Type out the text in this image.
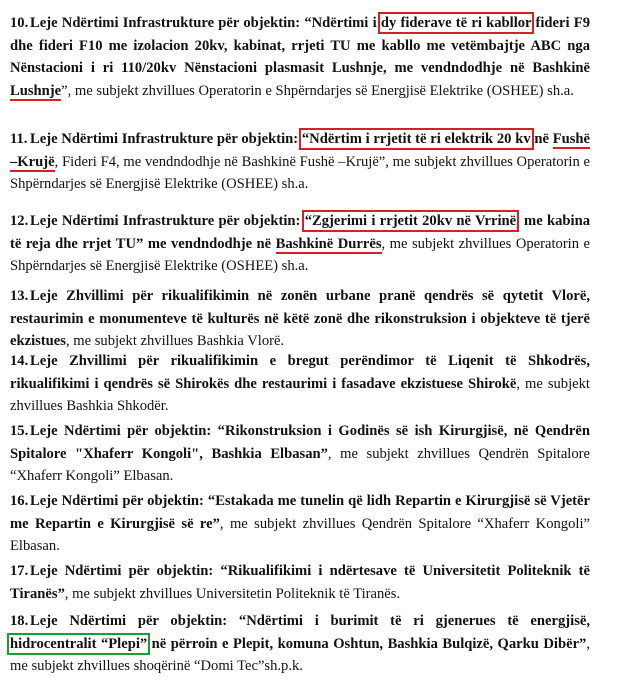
10. Leje Ndërtimi Infrastrukture për objektin: “Ndërtimi i dy fiderave të ri kabllor fideri F9 dhe fideri F10 me izolacion 20kv, kabinat, rrjeti TU me kabllo me vetëmbajtje ABC nga Nënstacioni i ri 110/20kv Nënstacioni plasmasit Lushnje, me vendndodhje në Bashkinë Lushnje”, me subjekt zhvillues Operatorin e Shpërndarjes së Energjisë Elektrike (OSHEE) sh.a.
11. Leje Ndërtimi Infrastrukture për objektin: “Ndërtim i rrjetit të ri elektrik 20 kv në Fushë –Krujë, Fideri F4, me vendndodhje në Bashkinë Fushë –Krujë”, me subjekt zhvillues Operatorin e Shpërndarjes së Energjisë Elektrike (OSHEE) sh.a.
12. Leje Ndërtimi Infrastrukture për objektin: “Zgjerimi i rrjetit 20kv në Vrrinë, me kabina të reja dhe rrjet TU” me vendndodhje në Bashkinë Durrës, me subjekt zhvillues Operatorin e Shpërndarjes së Energjisë Elektrike (OSHEE) sh.a.
13. Leje Zhvillimi për rikualifikimin në zonën urbane pranë qendrës së qytetit Vlorë, restaurimin e monumenteve të kulturës në këtë zonë dhe rikonstruksion i objekteve të tjerë ekzistues, me subjekt zhvillues Bashkia Vlorë.
14. Leje Zhvillimi për rikualifikimin e bregut perëndimor të Liqenit të Shkodrës, rikualifikimi i qendrës së Shirokës dhe restaurimi i fasadave ekzistuese Shirokë, me subjekt zhvillues Bashkia Shkodër.
15. Leje Ndërtimi për objektin: “Rikonstruksion i Godinës së ish Kirurgjisë, në Qendrën Spitalore "Xhaferr Kongoli", Bashkia Elbasan”, me subjekt zhvillues Qendrën Spitalore “Xhaferr Kongoli” Elbasan.
16. Leje Ndërtimi për objektin: “Estakada me tunelin që lidh Repartin e Kirurgjisë së Vjetër me Repartin e Kirurgjisë së re”, me subjekt zhvillues Qendrën Spitalore “Xhaferr Kongoli” Elbasan.
17. Leje Ndërtimi për objektin: “Rikualifikimi i ndërtesave të Universitetit Politeknik të Tiranës”, me subjekt zhvillues Universitetin Politeknik të Tiranës.
18. Leje Ndërtimi për objektin: “Ndërtimi i burimit të ri gjenerues të energjisë, hidrocentralit “Plepi” në përroin e Plepit, komuna Oshtun, Bashkia Bulqizë, Qarku Dibër”, me subjekt zhvillues shoqërinë “Domi Tec”sh.p.k.
